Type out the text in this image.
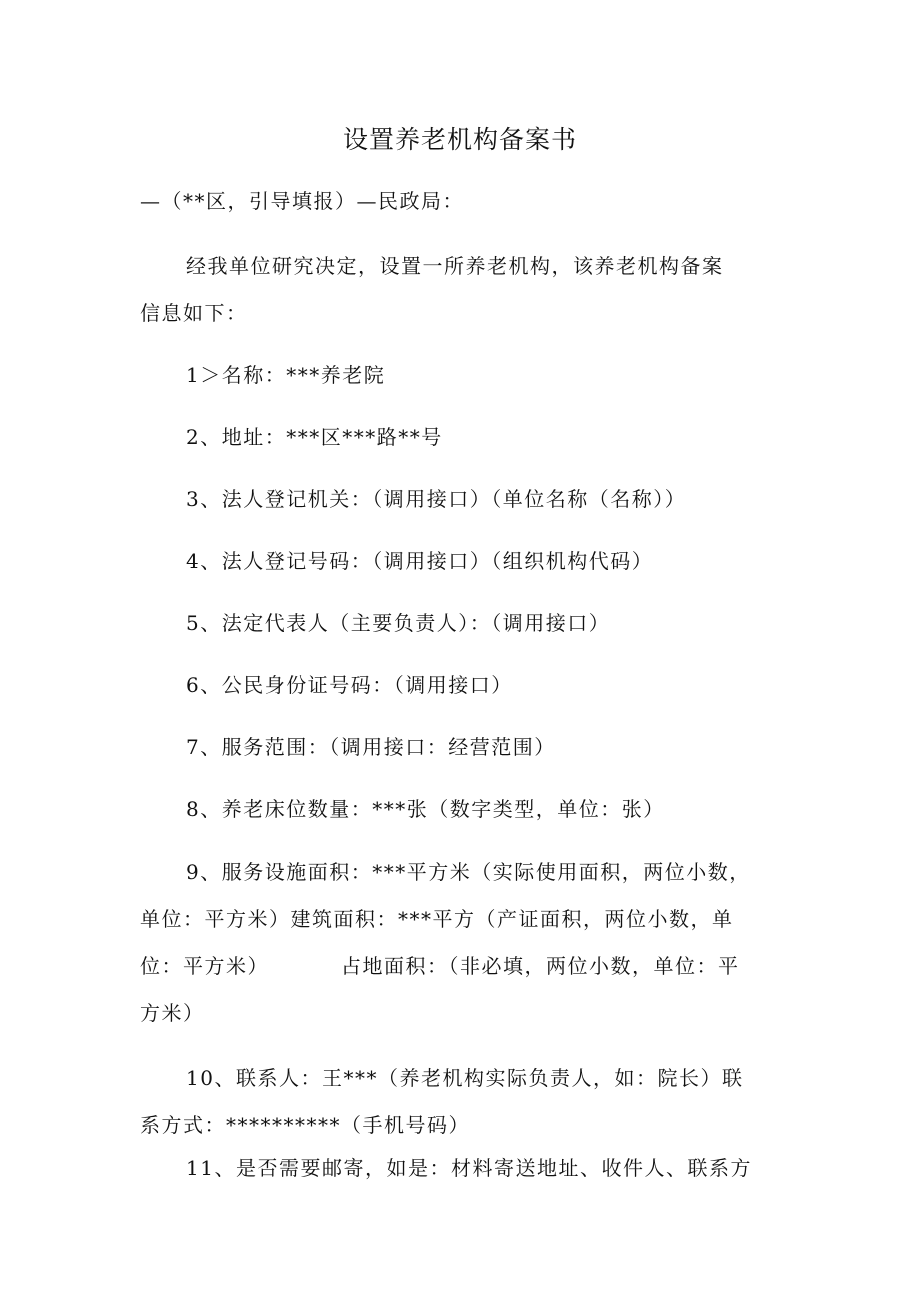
设置养老机构备案书

—（**区，引导填报）—民政局：

经我单位研究决定，设置一所养老机构，该养老机构备案
信息如下：

1＞名称：***养老院

2、地址：***区***路**号

3、法人登记机关：（调用接口）（单位名称（名称））

4、法人登记号码：（调用接口）（组织机构代码）

5、法定代表人（主要负责人）：（调用接口）

6、公民身份证号码：（调用接口）

7、服务范围：（调用接口：经营范围）

8、养老床位数量：***张（数字类型，单位：张）

9、服务设施面积：***平方米（实际使用面积，两位小数，
单位：平方米）建筑面积：***平方（产证面积，两位小数，单
位：平方米）	占地面积：（非必填，两位小数，单位：平
方米）
10、联系人：王***（养老机构实际负责人，如：院长）联
系方式：**********（手机号码）
11、是否需要邮寄，如是：材料寄送地址、收件人、联系方
